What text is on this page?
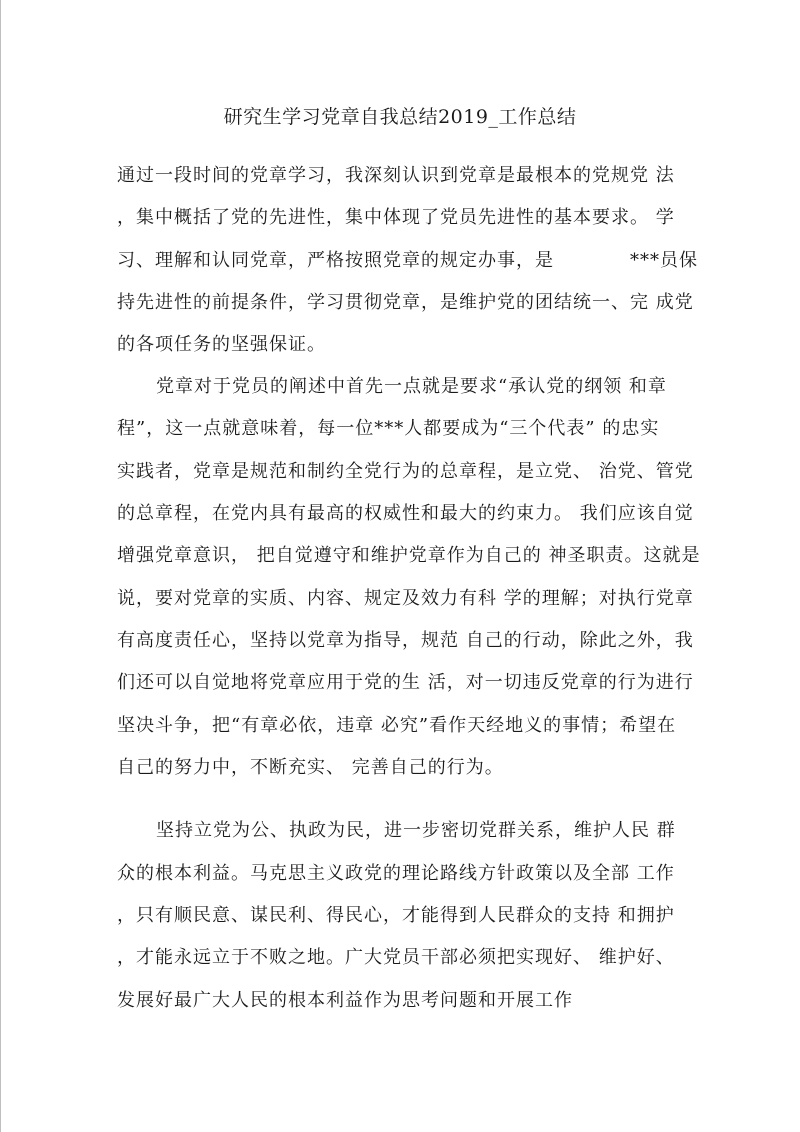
研究生学习党章自我总结2019_工作总结
通过一段时间的党章学习，我深刻认识到党章是最根本的党规党 法
，集中概括了党的先进性，集中体现了党员先进性的基本要求。 学
习、理解和认同党章，严格按照党章的规定办事，是　　　　***员保
持先进性的前提条件，学习贯彻党章，是维护党的团结统一、完 成党
的各项任务的坚强保证。
党章对于党员的阐述中首先一点就是要求“承认党的纲领 和章
程”，这一点就意味着，每一位***人都要成为“三个代表” 的忠实
实践者，党章是规范和制约全党行为的总章程，是立党、 治党、管党
的总章程，在党内具有最高的权威性和最大的约束力。 我们应该自觉
增强党章意识， 把自觉遵守和维护党章作为自己的 神圣职责。这就是
说，要对党章的实质、内容、规定及效力有科 学的理解；对执行党章
有高度责任心，坚持以党章为指导，规范 自己的行动，除此之外，我
们还可以自觉地将党章应用于党的生 活，对一切违反党章的行为进行
坚决斗争，把“有章必依，违章 必究”看作天经地义的事情；希望在
自己的努力中，不断充实、 完善自己的行为。
坚持立党为公、执政为民，进一步密切党群关系，维护人民 群
众的根本利益。马克思主义政党的理论路线方针政策以及全部 工作
，只有顺民意、谋民利、得民心，才能得到人民群众的支持 和拥护
，才能永远立于不败之地。广大党员干部必须把实现好、 维护好、
发展好最广大人民的根本利益作为思考问题和开展工作
